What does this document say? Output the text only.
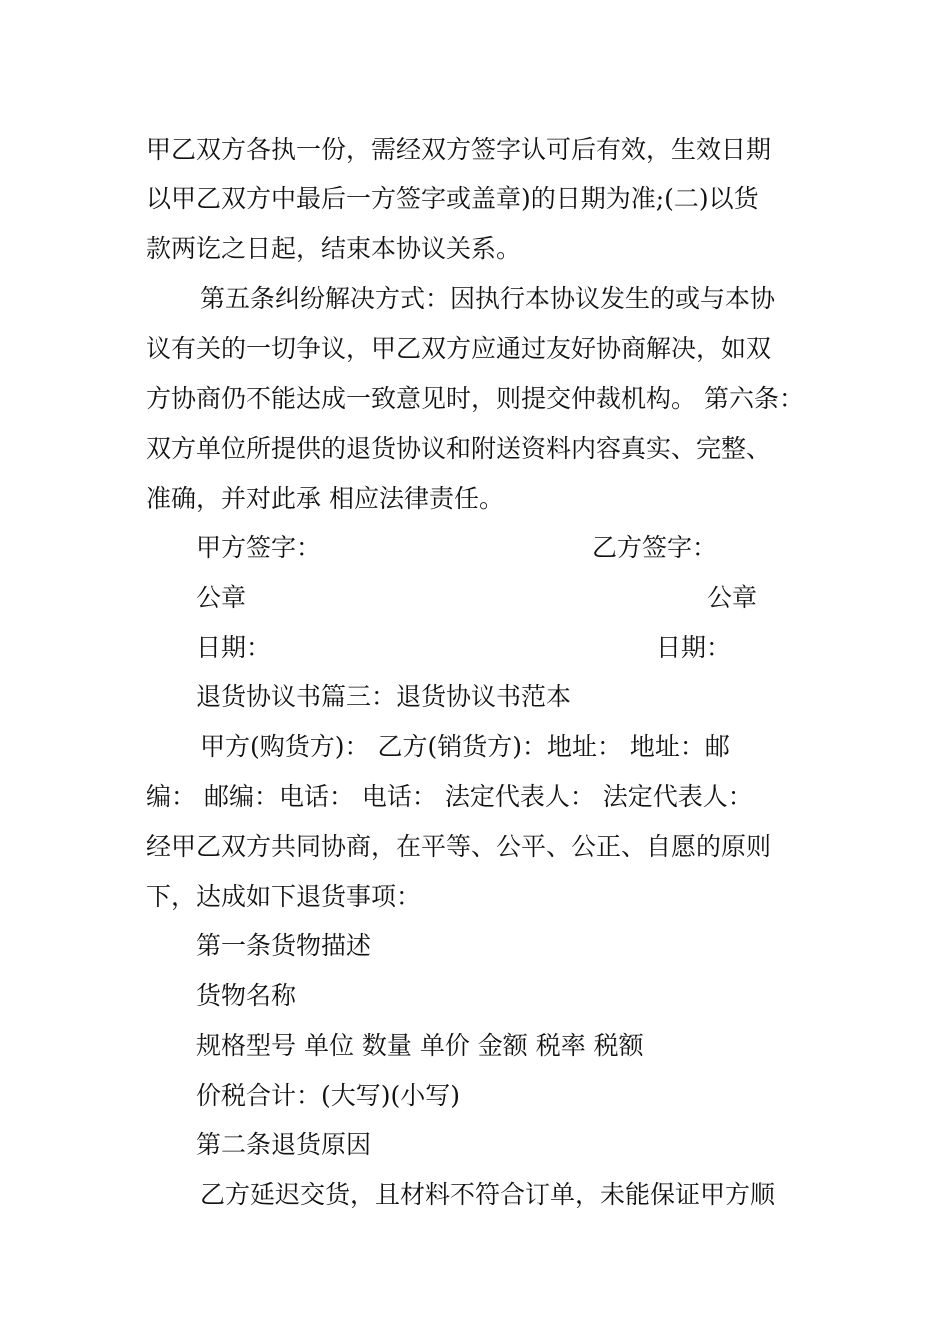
甲乙双方各执一份，需经双方签字认可后有效，生效日期
以甲乙双方中最后一方签字或盖章)的日期为准;(二)以货
款两讫之日起，结束本协议关系。
第五条纠纷解决方式：因执行本协议发生的或与本协
议有关的一切争议，甲乙双方应通过友好协商解决，如双
方协商仍不能达成一致意见时，则提交仲裁机构。 第六条：
双方单位所提供的退货协议和附送资料内容真实、完整、
准确，并对此承 相应法律责任。
甲方签字：	乙方签字：
公章	公章
日期：	日期：
退货协议书篇三：退货协议书范本
甲方(购货方)： 乙方(销货方)：地址： 地址：邮
编： 邮编：电话： 电话： 法定代表人： 法定代表人：
经甲乙双方共同协商，在平等、公平、公正、自愿的原则
下，达成如下退货事项：
第一条货物描述
货物名称
规格型号 单位 数量 单价 金额 税率 税额
价税合计：(大写)(小写)
第二条退货原因
乙方延迟交货，且材料不符合订单，未能保证甲方顺
